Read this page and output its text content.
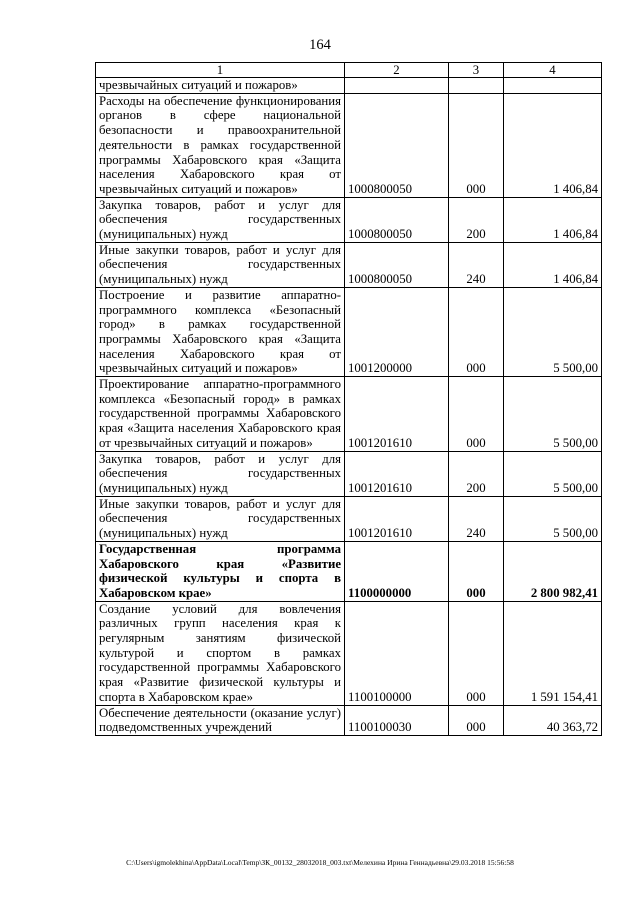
164
1	2	3	4
чрезвычайных ситуаций и пожаров»			
Расходы на обеспечение функционирования органов в сфере национальной безопасности и правоохранительной деятельности в рамках государственной программы Хабаровского края «Защита населения Хабаровского края от чрезвычайных ситуаций и пожаров»	1000800050	000	1 406,84
Закупка товаров, работ и услуг для обеспечения государственных (муниципальных) нужд	1000800050	200	1 406,84
Иные закупки товаров, работ и услуг для обеспечения государственных (муниципальных) нужд	1000800050	240	1 406,84
Построение и развитие аппаратно-программного комплекса «Безопасный город» в рамках государственной программы Хабаровского края «Защита населения Хабаровского края от чрезвычайных ситуаций и пожаров»	1001200000	000	5 500,00
Проектирование аппаратно-программного комплекса «Безопасный город» в рамках государственной программы Хабаровского края «Защита населения Хабаровского края от чрезвычайных ситуаций и пожаров»	1001201610	000	5 500,00
Закупка товаров, работ и услуг для обеспечения государственных (муниципальных) нужд	1001201610	200	5 500,00
Иные закупки товаров, работ и услуг для обеспечения государственных (муниципальных) нужд	1001201610	240	5 500,00
Государственная программа Хабаровского края «Развитие физической культуры и спорта в Хабаровском крае»	1100000000	000	2 800 982,41
Создание условий для вовлечения различных групп населения края к регулярным занятиям физической культурой и спортом в рамках государственной программы Хабаровского края «Развитие физической культуры и спорта в Хабаровском крае»	1100100000	000	1 591 154,41
Обеспечение деятельности (оказание услуг) подведомственных учреждений	1100100030	000	40 363,72
C:\Users\igmolekhina\AppData\Local\Temp\ЗК_00132_28032018_003.txt\Мелехина Ирина Геннадьевна\29.03.2018 15:56:58
